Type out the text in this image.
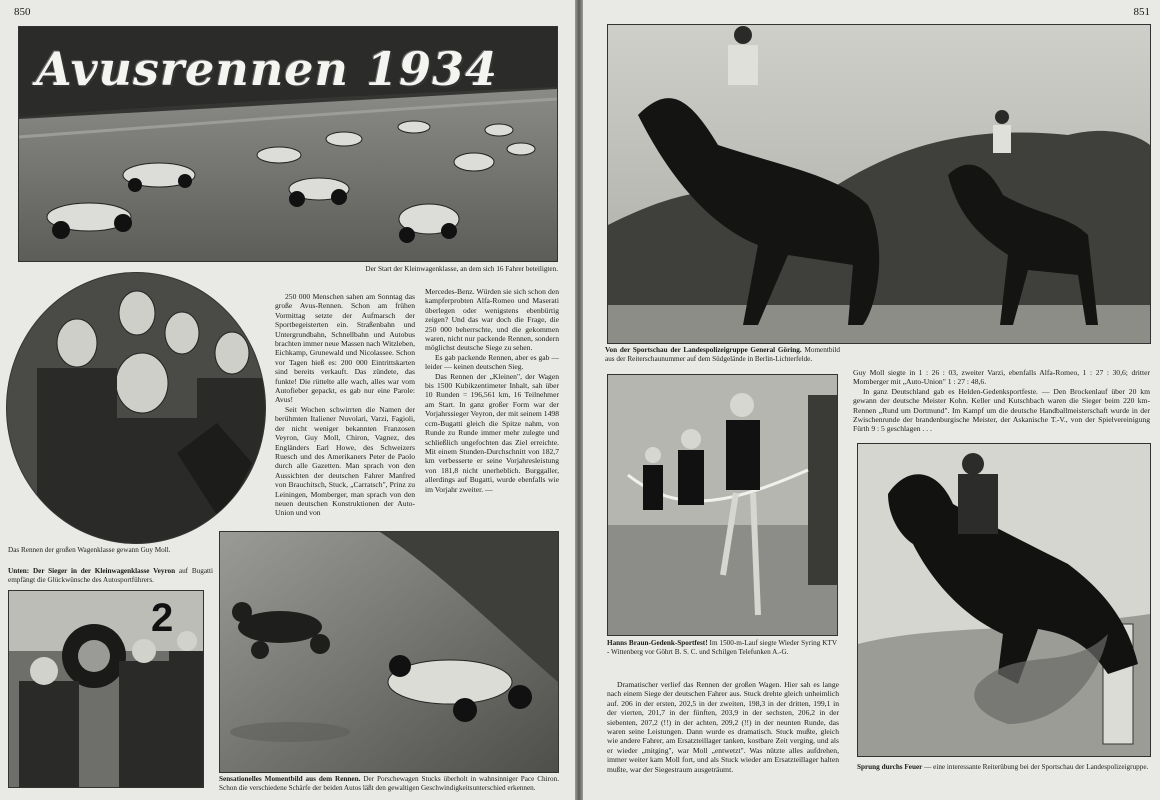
850
Avusrennen 1934
Der Start der Kleinwagenklasse, an dem sich 16 Fahrer beteiligten.

250 000 Menschen sahen am Sonntag das große Avus-Rennen. Schon am frühen Vormittag setzte der Aufmarsch der Sportbegeisterten ein. Straßenbahn und Untergrundbahn, Schnellbahn und Autobus brachten immer neue Massen nach Witzleben, Eichkamp, Grunewald und Nicolassee. Schon vor Tagen hieß es: 200 000 Eintrittskarten sind bereits verkauft. Das zündete, das funkte! Die rüttelte alle wach, alles war vom Autofieber gepackt, es gab nur eine Parole: Avus!

Seit Wochen schwirrten die Namen der berühmten Italiener Nuvolari, Varzi, Fagioli, der nicht weniger bekannten Franzosen Veyron, Guy Moll, Chiron, Vagnez, des Engländers Earl Howe, des Schweizers Ruesch und des Amerikaners Peter de Paolo durch alle Gazetten. Man sprach von den Aussichten der deutschen Fahrer Manfred von Brauchitsch, Stuck, „Carratsch", Prinz zu Leiningen, Momberger, man sprach von den neuen deutschen Konstruktionen der Auto-Union und von

Mercedes-Benz. Würden sie sich schon den kampferprobten Alfa-Romeo und Maserati überlegen oder wenigstens ebenbürtig zeigen? Und das war doch die Frage, die 250 000 beherrschte, und die gekommen waren, nicht nur packende Rennen, sondern möglichst deutsche Siege zu sehen.

Es gab packende Rennen, aber es gab — leider — keinen deutschen Sieg.

Das Rennen der „Kleinen", der Wagen bis 1500 Kubikzentimeter Inhalt, sah über 10 Runden = 196,561 km, 16 Teilnehmer am Start. In ganz großer Form war der Vorjahrssieger Veyron, der mit seinem 1498 ccm-Bugatti gleich die Spitze nahm, von Runde zu Runde immer mehr zulegte und schließlich ungefochten das Ziel erreichte. Mit einem Stunden-Durchschnitt von 182,7 km verbesserte er seine Vorjahresleistung von 181,8 nicht unerheblich. Burggaller, allerdings auf Bugatti, wurde ebenfalls wie im Vorjahr zweiter. —

Das Rennen der großen Wagenklasse gewann Guy Moll.
Unten: Der Sieger in der Kleinwagenklasse Veyron auf Bugatti empfängt die Glückwünsche des Autosportführers.
2
Sensationelles Momentbild aus dem Rennen. Der Porschewagen Stucks überholt in wahnsinniger Pace Chiron. Schon die verschiedene Schärfe der beiden Autos läßt den gewaltigen Geschwindigkeitsunterschied erkennen.
851
Von der Sportschau der Landespolizeigruppe General Göring. Momentbild aus der Reiterschaunummer auf dem Südgelände in Berlin-Lichterfelde.

Guy Moll siegte in 1 : 26 : 03, zweiter Varzi, ebenfalls Alfa-Romeo, 1 : 27 : 30,6; dritter Momberger mit „Auto-Union" 1 : 27 : 48,6.

In ganz Deutschland gab es Helden-Gedenksportfeste. — Den Brockenlauf über 20 km gewann der deutsche Meister Kohn. Keller und Kutschbach waren die Sieger beim 220 km-Rennen „Rund um Dortmund". Im Kampf um die deutsche Handballmeisterschaft wurde in der Zwischenrunde der brandenburgische Meister, der Askanische T.-V., von der Spielvereinigung Fürth 9 : 5 geschlagen . . .

Hanns Braun-Gedenk-Sportfest! Im 1500-m-Lauf siegte Wieder Syring KTV - Wittenberg vor Göhrt B. S. C. und Schilgen Telefunken A.-G.

Dramatischer verlief das Rennen der großen Wagen. Hier sah es lange nach einem Siege der deutschen Fahrer aus. Stuck drehte gleich unheimlich auf. 206 in der ersten, 202,5 in der zweiten, 198,3 in der dritten, 199,1 in der vierten, 201,7 in der fünften, 203,9 in der sechsten, 206,2 in der siebenten, 207,2 (!!) in der achten, 209,2 (!!) in der neunten Runde, das waren seine Leistungen. Dann wurde es dramatisch. Stuck mußte, gleich wie andere Fahrer, am Ersatzteillager tanken, kostbare Zeit verging, und als er wieder „mitging", war Moll „entwetzt". Was nützte alles aufdrehen, immer weiter kam Moll fort, und als Stuck wieder am Ersatzteillager halten mußte, war der Siegestraum ausgeträumt.	Sprung durchs Feuer — eine interessante Reiterübung bei der Sportschau der Landespolizeigruppe.
